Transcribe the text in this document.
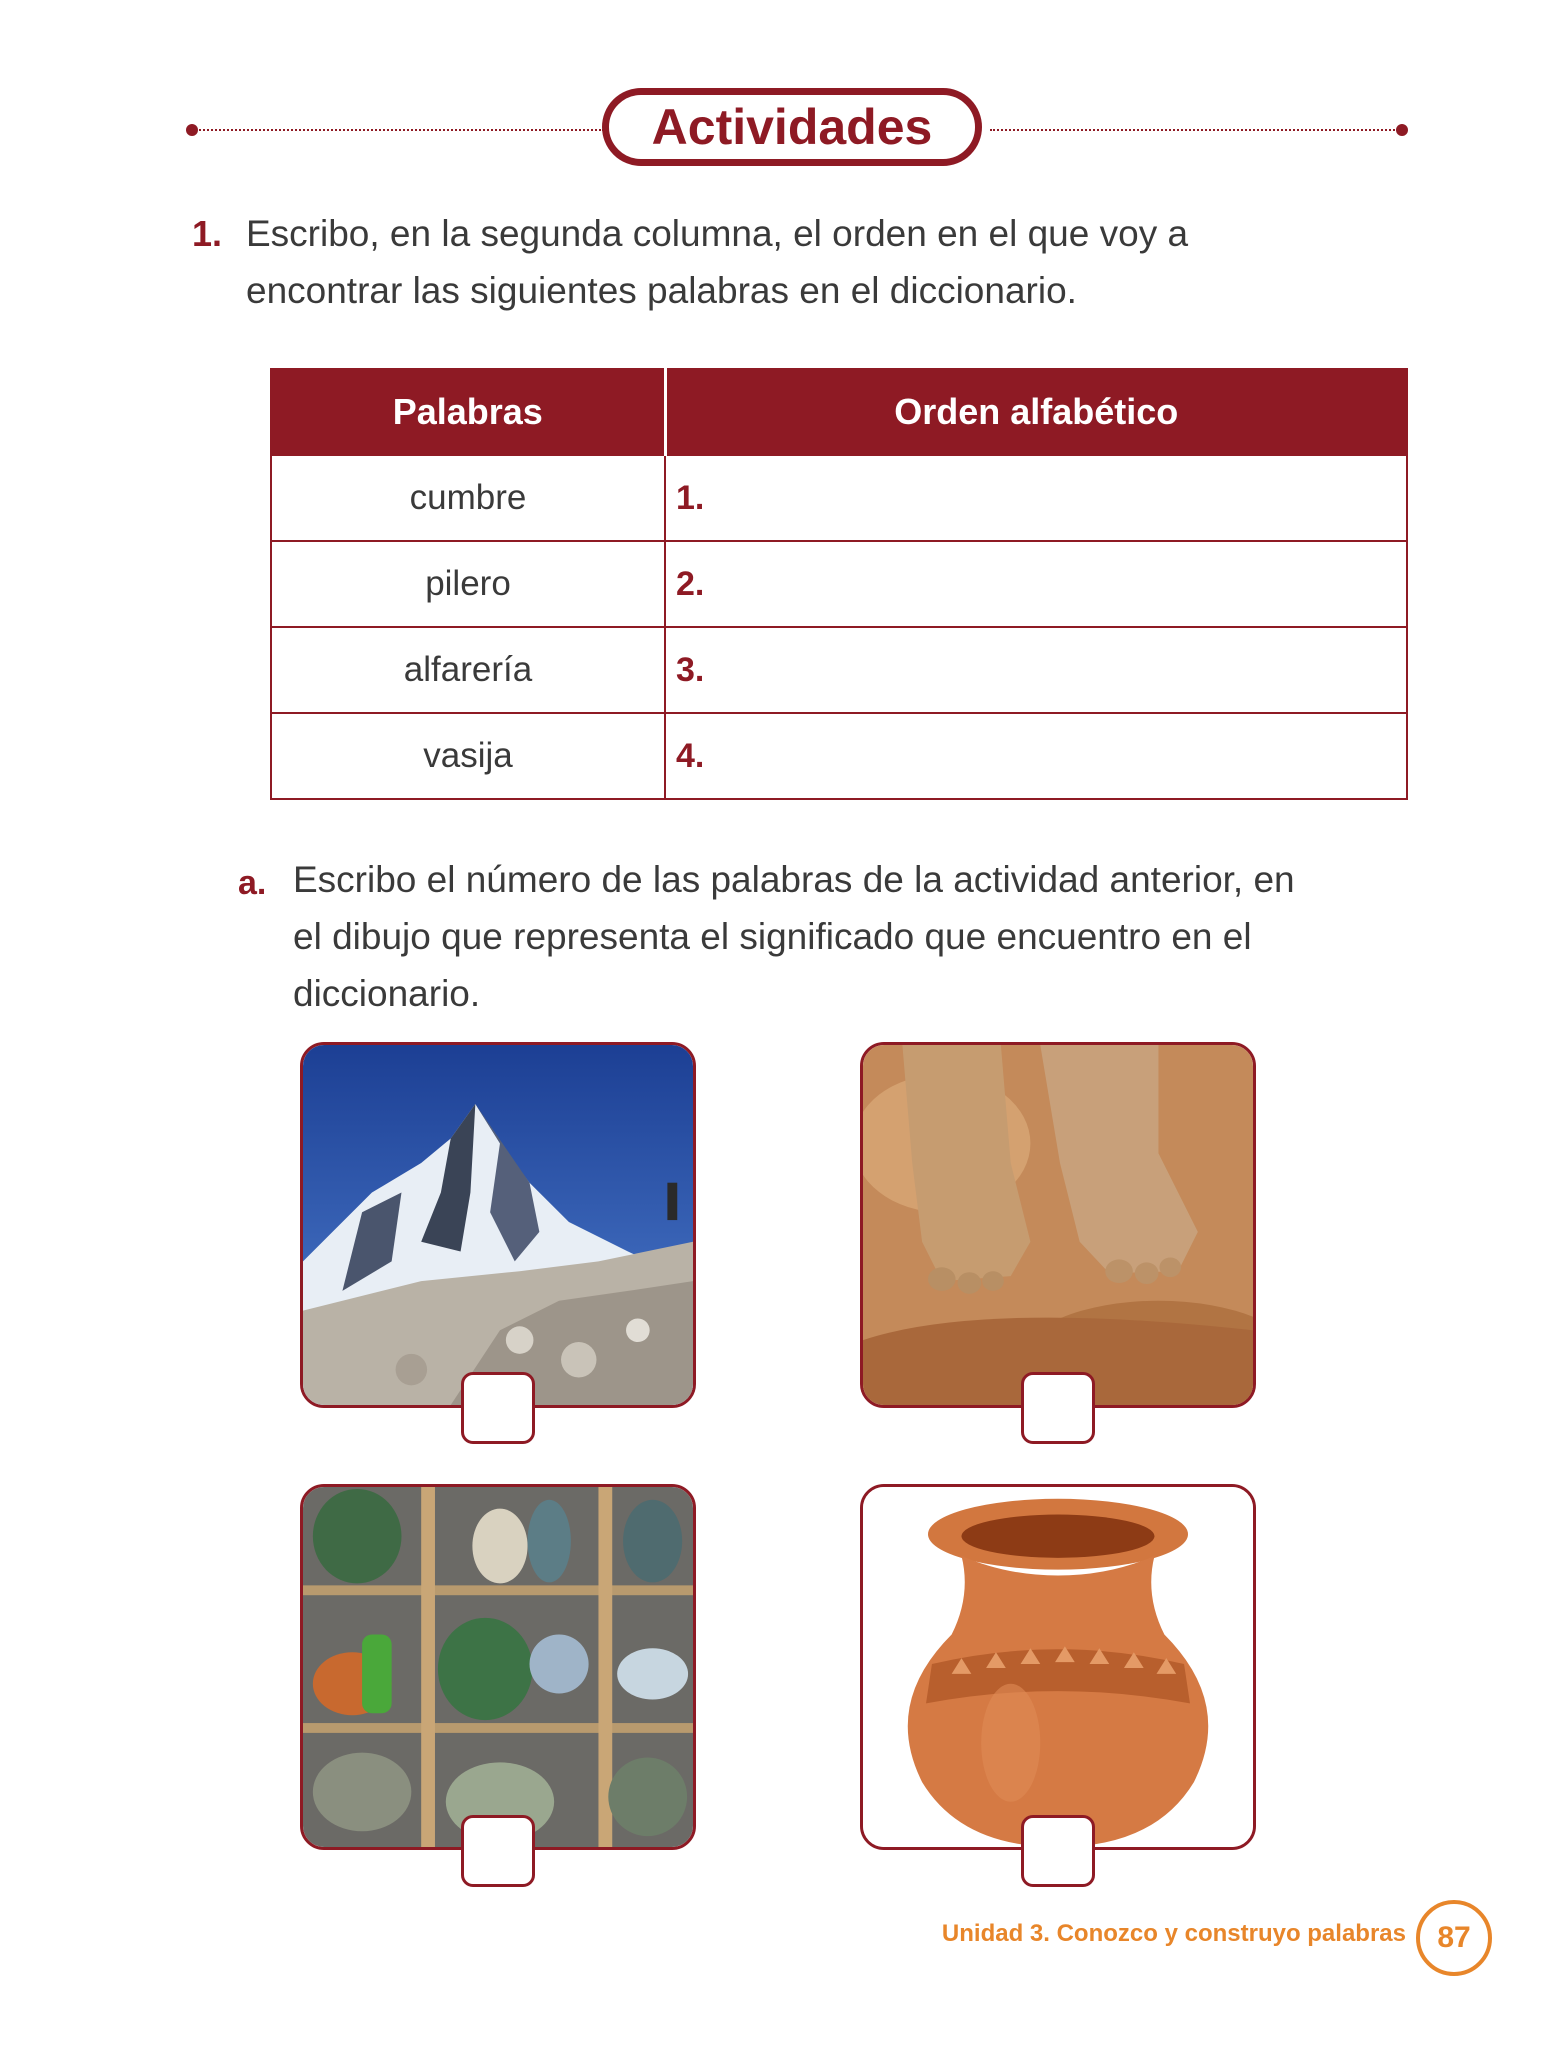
Actividades
1. Escribo, en la segunda columna, el orden en el que voy a
encontrar las siguientes palabras en el diccionario.
Palabras	Orden alfabético
cumbre	1.
pilero	2.
alfarería	3.
vasija	4.
a. Escribo el número de las palabras de la actividad anterior, en
el dibujo que representa el significado que encuentro en el
diccionario.
Unidad 3. Conozco y construyo palabras 87
